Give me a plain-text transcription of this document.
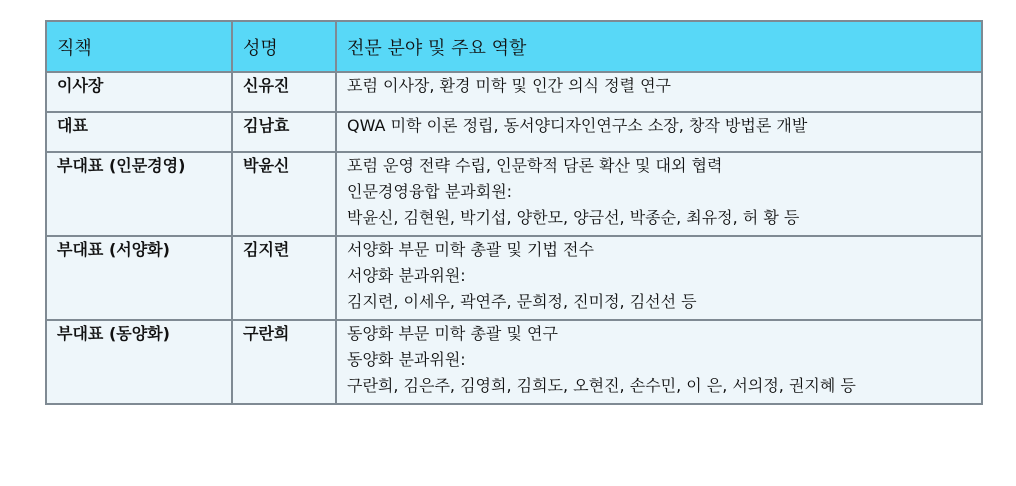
직책	성명	전문 분야 및 주요 역할
이사장	신유진	포럼 이사장, 환경 미학 및 인간 의식 정렬 연구

대표	김남효	QWA 미학 이론 정립, 동서양디자인연구소 소장, 창작 방법론 개발

부대표 (인문경영)	박윤신	포럼 운영 전략 수립, 인문학적 담론 확산 및 대외 협력
인문경영융합 분과회원:
박윤신, 김현원, 박기섭, 양한모, 양금선, 박종순, 최유정, 허 황 등

부대표 (서양화)	김지련	서양화 부문 미학 총괄 및 기법 전수
서양화 분과위원:
김지련, 이세우, 곽연주, 문희정, 진미정, 김선선 등

부대표 (동양화)	구란희	동양화 부문 미학 총괄 및 연구
동양화 분과위원:
구란희, 김은주, 김영희, 김희도, 오현진, 손수민, 이 은, 서의정, 권지혜 등
